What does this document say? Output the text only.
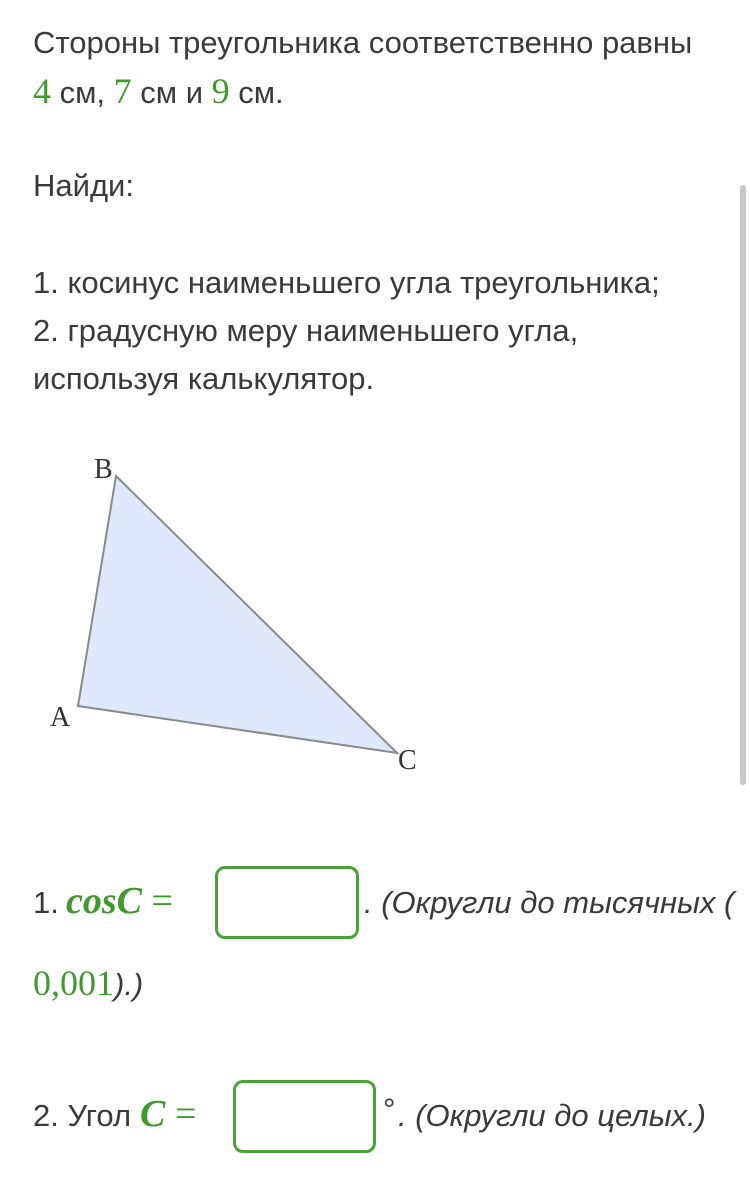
Стороны треугольника соответственно равны
4 см, 7 см и 9 см.
Найди:
1. косинус наименьшего угла треугольника;
2. градусную меру наименьшего угла,
используя калькулятор.
B
A
C
1. cosC =	. (Округли до тысячных (
0,001).)
2. Угол C =	° . (Округли до целых.)
